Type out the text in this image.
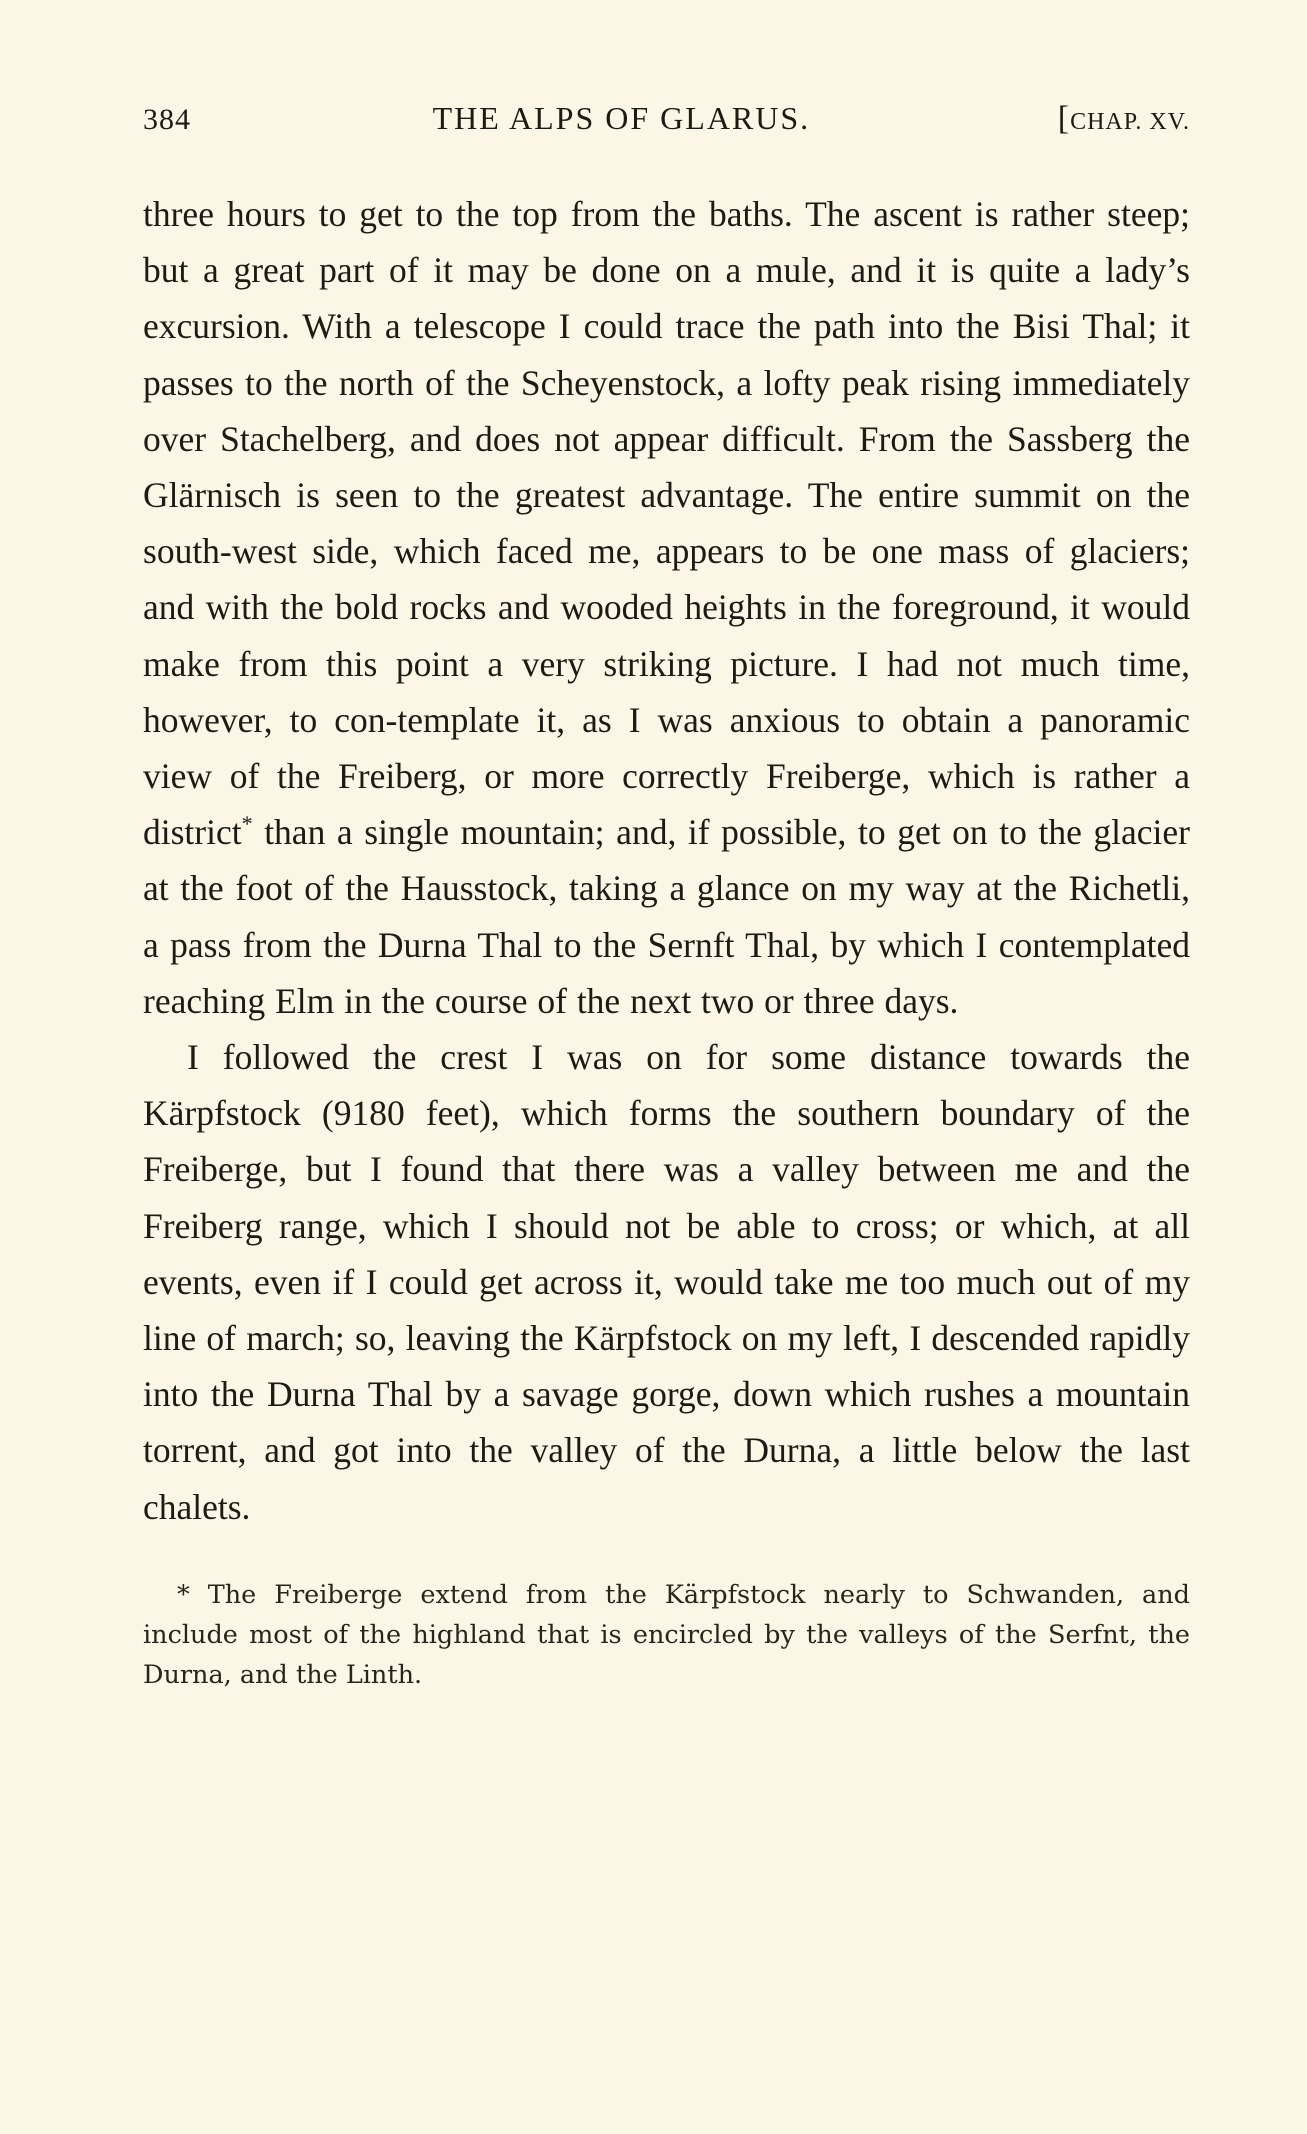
384	THE ALPS OF GLARUS.	[CHAP. XV.

three hours to get to the top from the baths. The ascent is rather steep; but a great part of it may be done on a mule, and it is quite a lady’s excursion. With a telescope I could trace the path into the Bisi Thal; it passes to the north of the Scheyenstock, a lofty peak rising immediately over Stachelberg, and does not appear difficult. From the Sassberg the Glärnisch is seen to the greatest advantage. The entire summit on the south-west side, which faced me, appears to be one mass of glaciers; and with the bold rocks and wooded heights in the foreground, it would make from this point a very striking picture. I had not much time, however, to con-template it, as I was anxious to obtain a panoramic view of the Freiberg, or more correctly Freiberge, which is rather a district* than a single mountain; and, if possible, to get on to the glacier at the foot of the Hausstock, taking a glance on my way at the Richetli, a pass from the Durna Thal to the Sernft Thal, by which I contemplated reaching Elm in the course of the next two or three days.

I followed the crest I was on for some distance towards the Kärpfstock (9180 feet), which forms the southern boundary of the Freiberge, but I found that there was a valley between me and the Freiberg range, which I should not be able to cross; or which, at all events, even if I could get across it, would take me too much out of my line of march; so, leaving the Kärpfstock on my left, I descended rapidly into the Durna Thal by a savage gorge, down which rushes a mountain torrent, and got into the valley of the Durna, a little below the last chalets.

* The Freiberge extend from the Kärpfstock nearly to Schwanden, and include most of the highland that is encircled by the valleys of the Serfnt, the Durna, and the Linth.
